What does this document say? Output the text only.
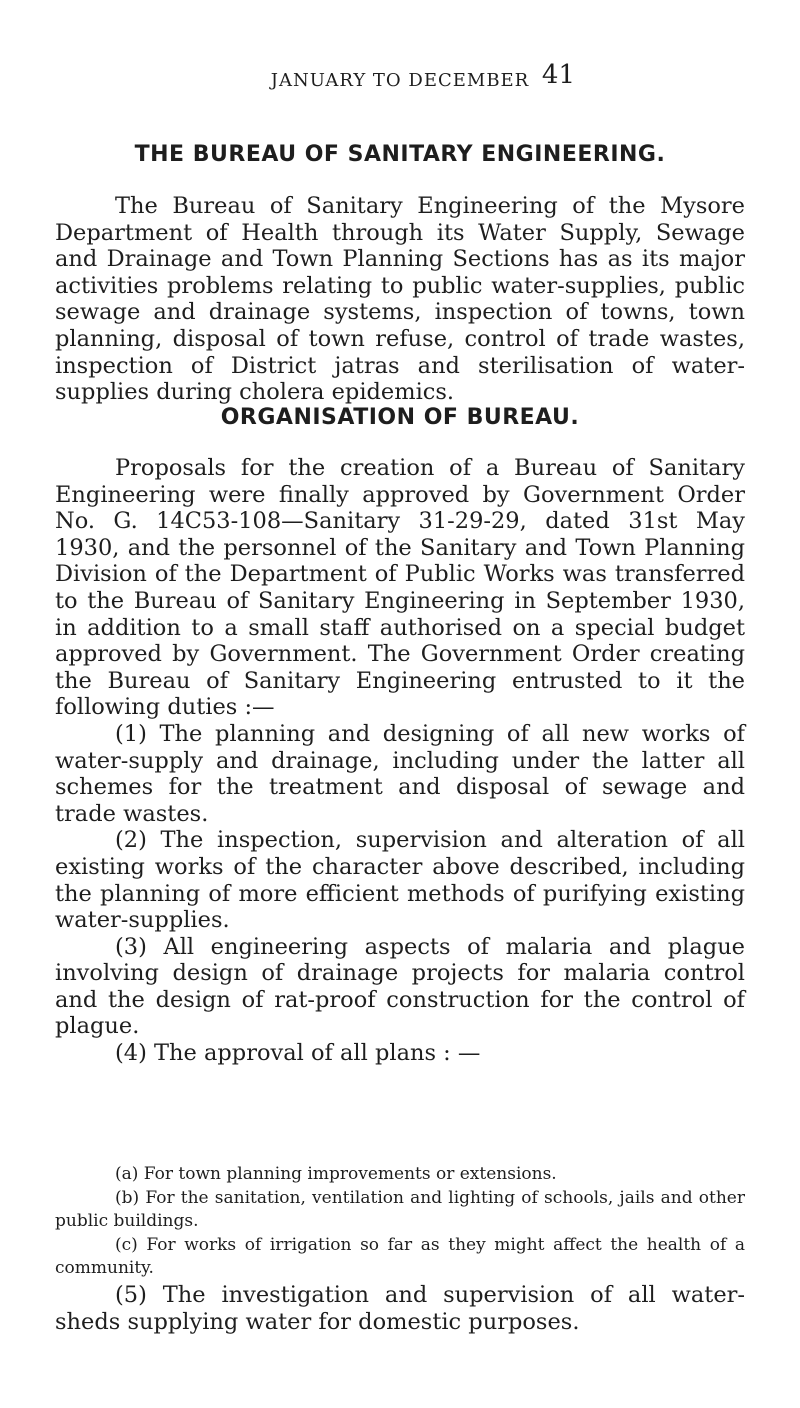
JANUARY TO DECEMBER 41
THE BUREAU OF SANITARY ENGINEERING.

The Bureau of Sanitary Engineering of the Mysore Department of Health through its Water Supply, Sewage and Drainage and Town Planning Sections has as its major activities problems relating to public water-supplies, public sewage and drainage systems, inspection of towns, town planning, disposal of town refuse, control of trade wastes, inspection of District jatras and sterilisation of water-supplies during cholera epidemics.

ORGANISATION OF BUREAU.

Proposals for the creation of a Bureau of Sanitary Engineering were finally approved by Government Order No. G. 14C53-108—Sanitary 31-29-29, dated 31st May 1930, and the personnel of the Sanitary and Town Planning Division of the Department of Public Works was transferred to the Bureau of Sanitary Engineering in September 1930, in addition to a small staff authorised on a special budget approved by Government. The Government Order creating the Bureau of Sanitary Engineering entrusted to it the following duties :—

(1) The planning and designing of all new works of water-supply and drainage, including under the latter all schemes for the treatment and disposal of sewage and trade wastes.

(2) The inspection, supervision and alteration of all existing works of the character above described, including the planning of more efficient methods of purifying existing water-supplies.

(3) All engineering aspects of malaria and plague involving design of drainage projects for malaria control and the design of rat-proof construction for the control of plague.

(4) The approval of all plans : —

(a) For town planning improvements or extensions.

(b) For the sanitation, ventilation and lighting of schools, jails and other public buildings.

(c) For works of irrigation so far as they might affect the health of a community.

(5) The investigation and supervision of all water-sheds supplying water for domestic purposes.
